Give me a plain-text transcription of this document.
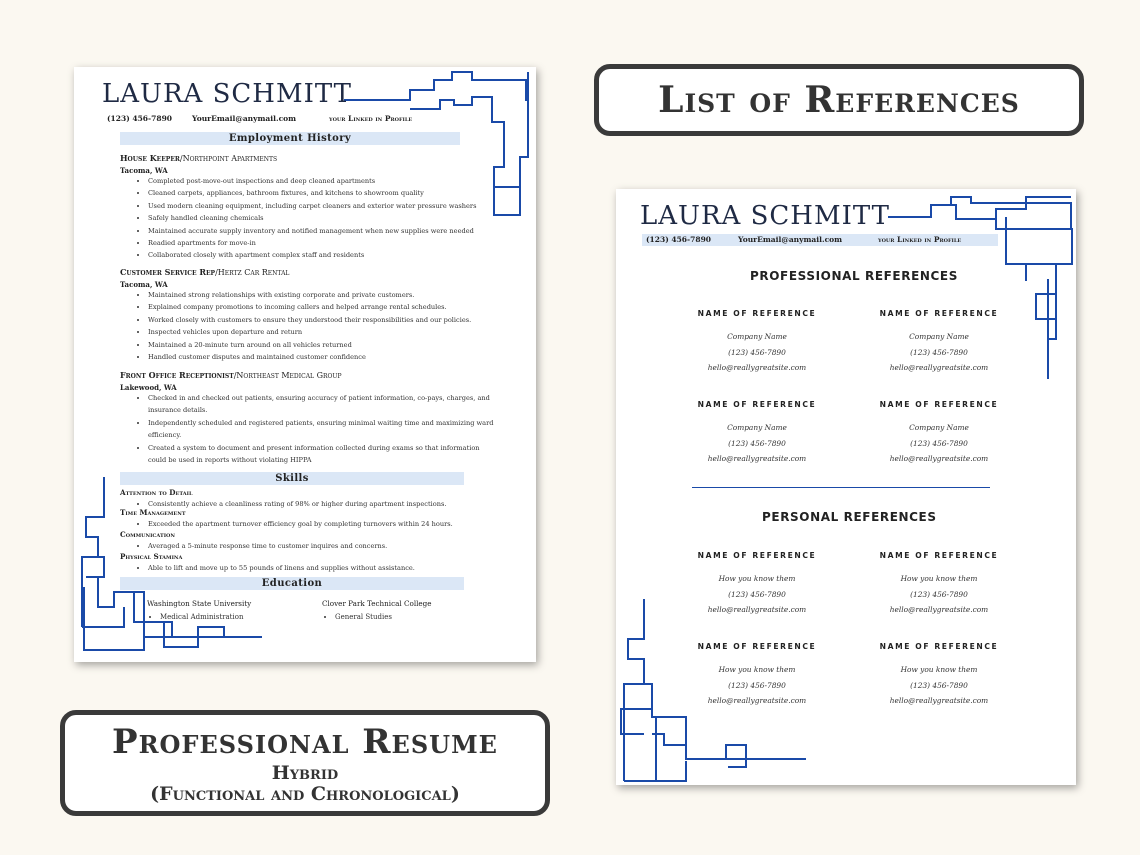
LAURA SCHMITT
(123) 456-7890	YourEmail@anymail.com	your Linked in Profile
Employment History
House Keeper/Northpoint Apartments
Tacoma, WA
• Completed post-move-out inspections and deep cleaned apartments
• Cleaned carpets, appliances, bathroom fixtures, and kitchens to showroom quality
• Used modern cleaning equipment, including carpet cleaners and exterior water pressure washers
• Safely handled cleaning chemicals
• Maintained accurate supply inventory and notified management when new supplies were needed
• Readied apartments for move-in
• Collaborated closely with apartment complex staff and residents
Customer Service Rep/Hertz Car Rental
Tacoma, WA
• Maintained strong relationships with existing corporate and private customers.
• Explained company promotions to incoming callers and helped arrange rental schedules.
• Worked closely with customers to ensure they understood their responsibilities and our policies.
• Inspected vehicles upon departure and return
• Maintained a 20-minute turn around on all vehicles returned
• Handled customer disputes and maintained customer confidence
Front Office Receptionist/Northeast Medical Group
Lakewood, WA
• Checked in and checked out patients, ensuring accuracy of patient information, co-pays, charges, and insurance details.
• Independently scheduled and registered patients, ensuring minimal waiting time and maximizing ward efficiency.
• Created a system to document and present information collected during exams so that information could be used in reports without violating HIPPA
Skills
Attention to Detail
• Consistently achieve a cleanliness rating of 98% or higher during apartment inspections.
Time Management
• Exceeded the apartment turnover efficiency goal by completing turnovers within 24 hours.
Communication
• Averaged a 5-minute response time to customer inquires and concerns.
Physical Stamina
• Able to lift and move up to 55 pounds of linens and supplies without assistance.
Education
Washington State University
• Medical Administration
Clover Park Technical College
• General Studies
LAURA SCHMITT
(123) 456-7890	YourEmail@anymail.com	your Linked in Profile
PROFESSIONAL REFERENCES
NAME OF REFERENCE
Company Name
(123) 456-7890
hello@reallygreatsite.com
NAME OF REFERENCE
Company Name
(123) 456-7890
hello@reallygreatsite.com
NAME OF REFERENCE
Company Name
(123) 456-7890
hello@reallygreatsite.com
NAME OF REFERENCE
Company Name
(123) 456-7890
hello@reallygreatsite.com
PERSONAL REFERENCES
NAME OF REFERENCE
How you know them
(123) 456-7890
hello@reallygreatsite.com
NAME OF REFERENCE
How you know them
(123) 456-7890
hello@reallygreatsite.com
NAME OF REFERENCE
How you know them
(123) 456-7890
hello@reallygreatsite.com
NAME OF REFERENCE
How you know them
(123) 456-7890
hello@reallygreatsite.com
List of References
Professional Resume
Hybrid
(Functional and Chronological)
